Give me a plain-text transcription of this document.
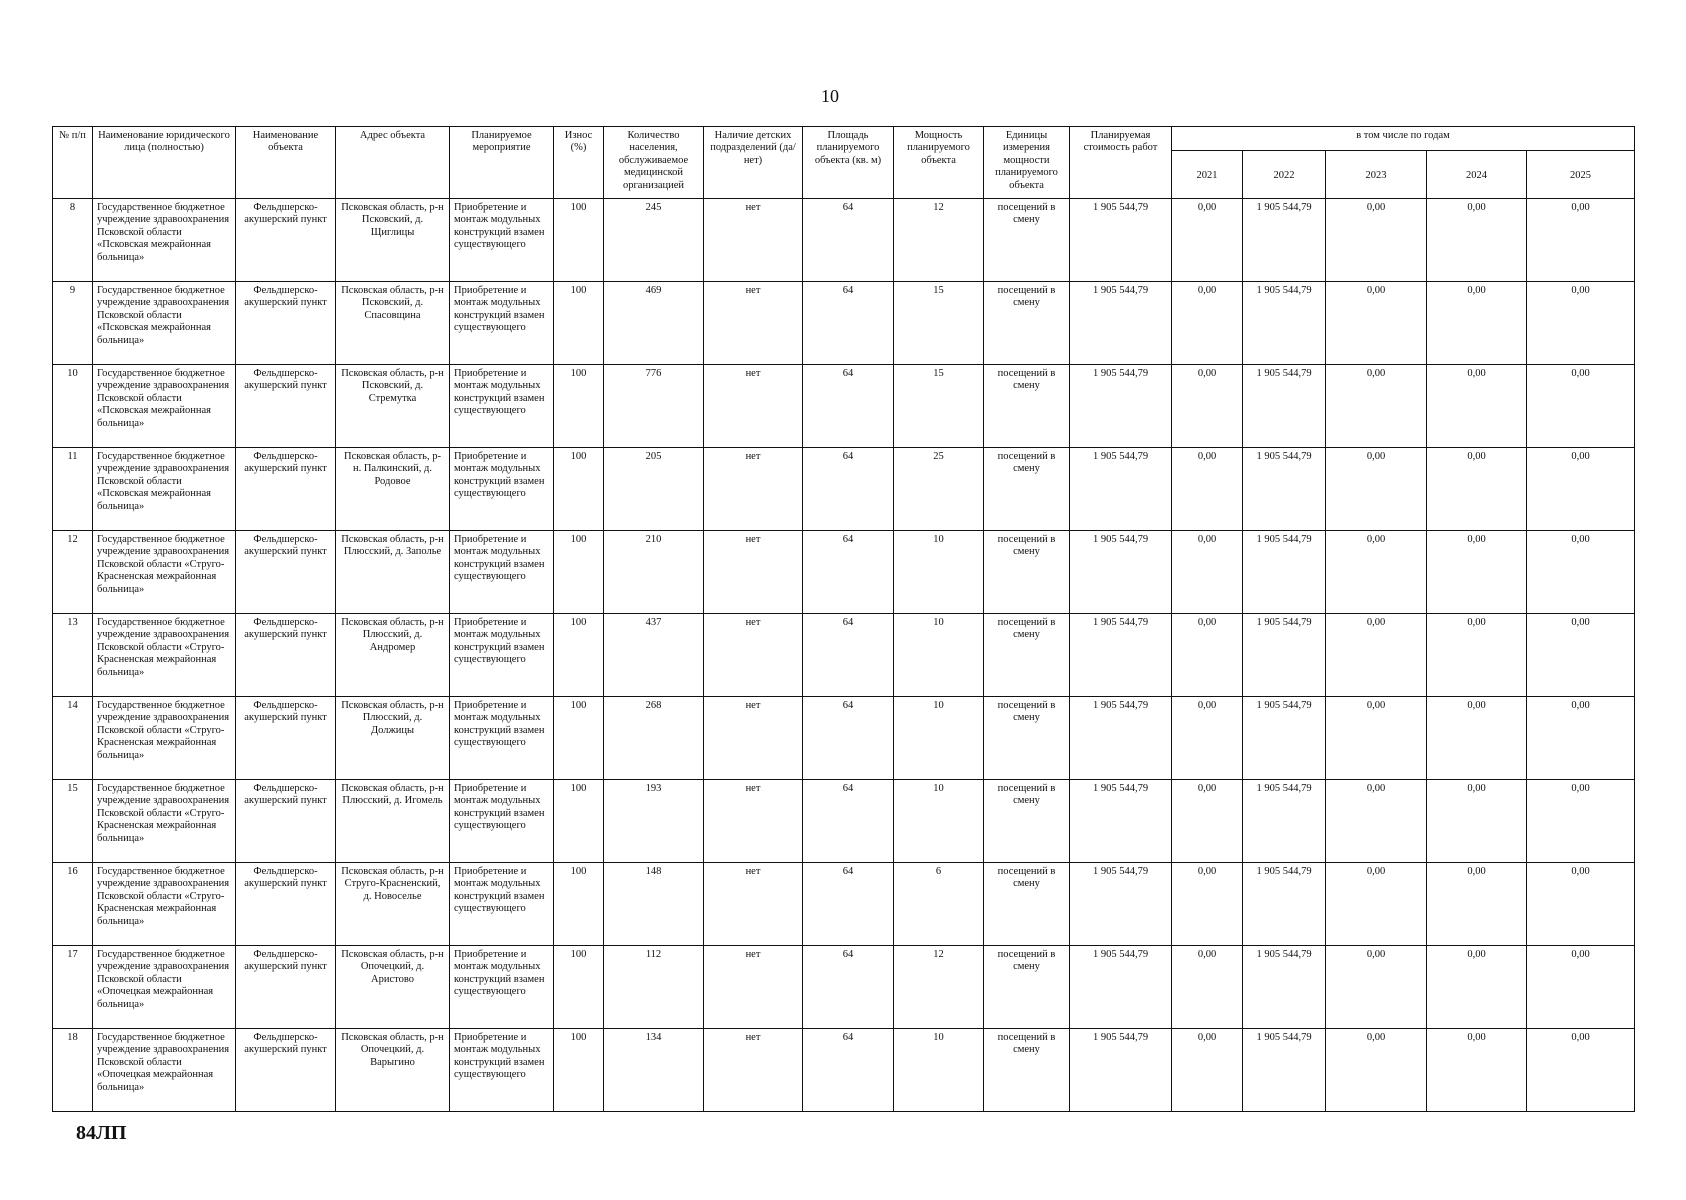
10
№ п/п	Наименование юридического лица (полностью)	Наименование объекта	Адрес объекта	Планируемое мероприятие	Износ (%)	Количество населения, обслуживаемое медицинской организацией	Наличие детских подразделений (да/нет)	Площадь планируемого объекта (кв. м)	Мощность планируемого объекта	Единицы измерения мощности планируемого объекта	Планируемая стоимость работ	в том числе по годам				
												2021	2022	2023	2024	2025
8	Государственное бюджетное учреждение здравоохранения Псковской области «Псковская межрайонная больница»	Фельдшерско-акушерский пункт	Псковская область, р-н Псковский, д. Щиглицы	Приобретение и монтаж модульных конструкций взамен существующего	100	245	нет	64	12	посещений в смену	1 905 544,79	0,00	1 905 544,79	0,00	0,00	0,00
9	Государственное бюджетное учреждение здравоохранения Псковской области «Псковская межрайонная больница»	Фельдшерско-акушерский пункт	Псковская область, р-н Псковский, д. Спасовщина	Приобретение и монтаж модульных конструкций взамен существующего	100	469	нет	64	15	посещений в смену	1 905 544,79	0,00	1 905 544,79	0,00	0,00	0,00
10	Государственное бюджетное учреждение здравоохранения Псковской области «Псковская межрайонная больница»	Фельдшерско-акушерский пункт	Псковская область, р-н Псковский, д. Стремутка	Приобретение и монтаж модульных конструкций взамен существующего	100	776	нет	64	15	посещений в смену	1 905 544,79	0,00	1 905 544,79	0,00	0,00	0,00
11	Государственное бюджетное учреждение здравоохранения Псковской области «Псковская межрайонная больница»	Фельдшерско-акушерский пункт	Псковская область, р-н. Палкинский, д. Родовое	Приобретение и монтаж модульных конструкций взамен существующего	100	205	нет	64	25	посещений в смену	1 905 544,79	0,00	1 905 544,79	0,00	0,00	0,00
12	Государственное бюджетное учреждение здравоохранения Псковской области «Струго-Красненская межрайонная больница»	Фельдшерско-акушерский пункт	Псковская область, р-н Плюсский, д. Заполье	Приобретение и монтаж модульных конструкций взамен существующего	100	210	нет	64	10	посещений в смену	1 905 544,79	0,00	1 905 544,79	0,00	0,00	0,00
13	Государственное бюджетное учреждение здравоохранения Псковской области «Струго-Красненская межрайонная больница»	Фельдшерско-акушерский пункт	Псковская область, р-н Плюсский, д. Андромер	Приобретение и монтаж модульных конструкций взамен существующего	100	437	нет	64	10	посещений в смену	1 905 544,79	0,00	1 905 544,79	0,00	0,00	0,00
14	Государственное бюджетное учреждение здравоохранения Псковской области «Струго-Красненская межрайонная больница»	Фельдшерско-акушерский пункт	Псковская область, р-н Плюсский, д. Должицы	Приобретение и монтаж модульных конструкций взамен существующего	100	268	нет	64	10	посещений в смену	1 905 544,79	0,00	1 905 544,79	0,00	0,00	0,00
15	Государственное бюджетное учреждение здравоохранения Псковской области «Струго-Красненская межрайонная больница»	Фельдшерско-акушерский пункт	Псковская область, р-н Плюсский, д. Игомель	Приобретение и монтаж модульных конструкций взамен существующего	100	193	нет	64	10	посещений в смену	1 905 544,79	0,00	1 905 544,79	0,00	0,00	0,00
16	Государственное бюджетное учреждение здравоохранения Псковской области «Струго-Красненская межрайонная больница»	Фельдшерско-акушерский пункт	Псковская область, р-н Струго-Красненский, д. Новоселье	Приобретение и монтаж модульных конструкций взамен существующего	100	148	нет	64	6	посещений в смену	1 905 544,79	0,00	1 905 544,79	0,00	0,00	0,00
17	Государственное бюджетное учреждение здравоохранения Псковской области «Опочецкая межрайонная больница»	Фельдшерско-акушерский пункт	Псковская область, р-н Опочецкий, д. Аристово	Приобретение и монтаж модульных конструкций взамен существующего	100	112	нет	64	12	посещений в смену	1 905 544,79	0,00	1 905 544,79	0,00	0,00	0,00
18	Государственное бюджетное учреждение здравоохранения Псковской области «Опочецкая межрайонная больница»	Фельдшерско-акушерский пункт	Псковская область, р-н Опочецкий, д. Варыгино	Приобретение и монтаж модульных конструкций взамен существующего	100	134	нет	64	10	посещений в смену	1 905 544,79	0,00	1 905 544,79	0,00	0,00	0,00
84ЛП
